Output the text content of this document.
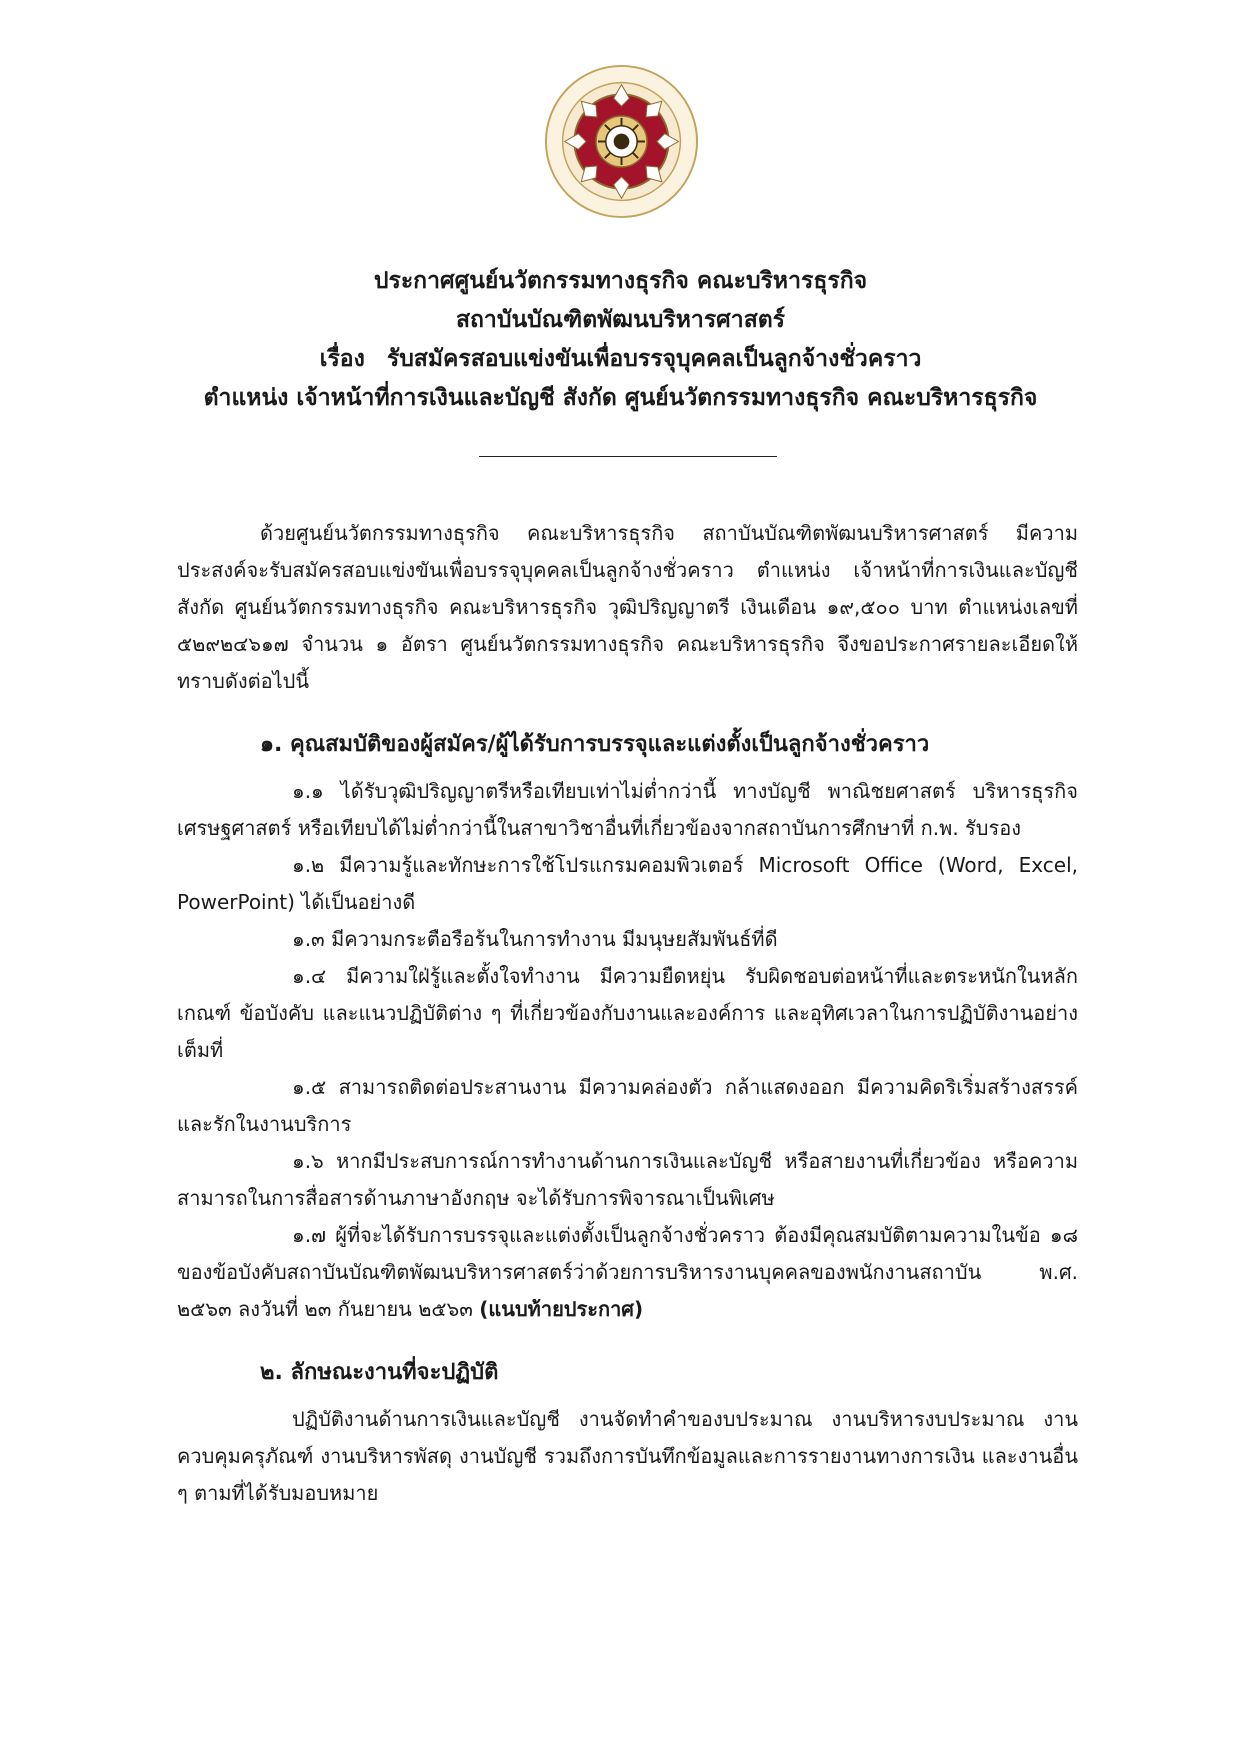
ประกาศศูนย์นวัตกรรมทางธุรกิจ คณะบริหารธุรกิจ
สถาบันบัณฑิตพัฒนบริหารศาสตร์
เรื่อง รับสมัครสอบแข่งขันเพื่อบรรจุบุคคลเป็นลูกจ้างชั่วคราว
ตำแหน่ง เจ้าหน้าที่การเงินและบัญชี สังกัด ศูนย์นวัตกรรมทางธุรกิจ คณะบริหารธุรกิจ

ด้วยศูนย์นวัตกรรมทางธุรกิจ คณะบริหารธุรกิจ สถาบันบัณฑิตพัฒนบริหารศาสตร์ มีความประสงค์จะรับสมัครสอบแข่งขันเพื่อบรรจุบุคคลเป็นลูกจ้างชั่วคราว ตำแหน่ง เจ้าหน้าที่การเงินและบัญชี สังกัด ศูนย์นวัตกรรมทางธุรกิจ คณะบริหารธุรกิจ วุฒิปริญญาตรี เงินเดือน ๑๙,๕๐๐ บาท ตำแหน่งเลขที่ ๕๒๙๒๔๖๑๗ จำนวน ๑ อัตรา ศูนย์นวัตกรรมทางธุรกิจ คณะบริหารธุรกิจ จึงขอประกาศรายละเอียดให้ทราบดังต่อไปนี้

๑. คุณสมบัติของผู้สมัคร/ผู้ได้รับการบรรจุและแต่งตั้งเป็นลูกจ้างชั่วคราว

๑.๑ ได้รับวุฒิปริญญาตรีหรือเทียบเท่าไม่ต่ำกว่านี้ ทางบัญชี พาณิชยศาสตร์ บริหารธุรกิจ เศรษฐศาสตร์ หรือเทียบได้ไม่ต่ำกว่านี้ในสาขาวิชาอื่นที่เกี่ยวข้องจากสถาบันการศึกษาที่ ก.พ. รับรอง

๑.๒ มีความรู้และทักษะการใช้โปรแกรมคอมพิวเตอร์ Microsoft Office (Word, Excel, PowerPoint) ได้เป็นอย่างดี

๑.๓ มีความกระตือรือร้นในการทำงาน มีมนุษยสัมพันธ์ที่ดี

๑.๔ มีความใฝ่รู้และตั้งใจทำงาน มีความยืดหยุ่น รับผิดชอบต่อหน้าที่และตระหนักในหลักเกณฑ์ ข้อบังคับ และแนวปฏิบัติต่าง ๆ ที่เกี่ยวข้องกับงานและองค์การ และอุทิศเวลาในการปฏิบัติงานอย่างเต็มที่

๑.๕ สามารถติดต่อประสานงาน มีความคล่องตัว กล้าแสดงออก มีความคิดริเริ่มสร้างสรรค์ และรักในงานบริการ

๑.๖ หากมีประสบการณ์การทำงานด้านการเงินและบัญชี หรือสายงานที่เกี่ยวข้อง หรือความสามารถในการสื่อสารด้านภาษาอังกฤษ จะได้รับการพิจารณาเป็นพิเศษ

๑.๗ ผู้ที่จะได้รับการบรรจุและแต่งตั้งเป็นลูกจ้างชั่วคราว ต้องมีคุณสมบัติตามความในข้อ ๑๘ ของข้อบังคับสถาบันบัณฑิตพัฒนบริหารศาสตร์ว่าด้วยการบริหารงานบุคคลของพนักงานสถาบัน พ.ศ. ๒๕๖๓ ลงวันที่ ๒๓ กันยายน ๒๕๖๓ (แนบท้ายประกาศ)

๒. ลักษณะงานที่จะปฏิบัติ

ปฏิบัติงานด้านการเงินและบัญชี งานจัดทำคำของบประมาณ งานบริหารงบประมาณ งานควบคุมครุภัณฑ์ งานบริหารพัสดุ งานบัญชี รวมถึงการบันทึกข้อมูลและการรายงานทางการเงิน และงานอื่น ๆ ตามที่ได้รับมอบหมาย
